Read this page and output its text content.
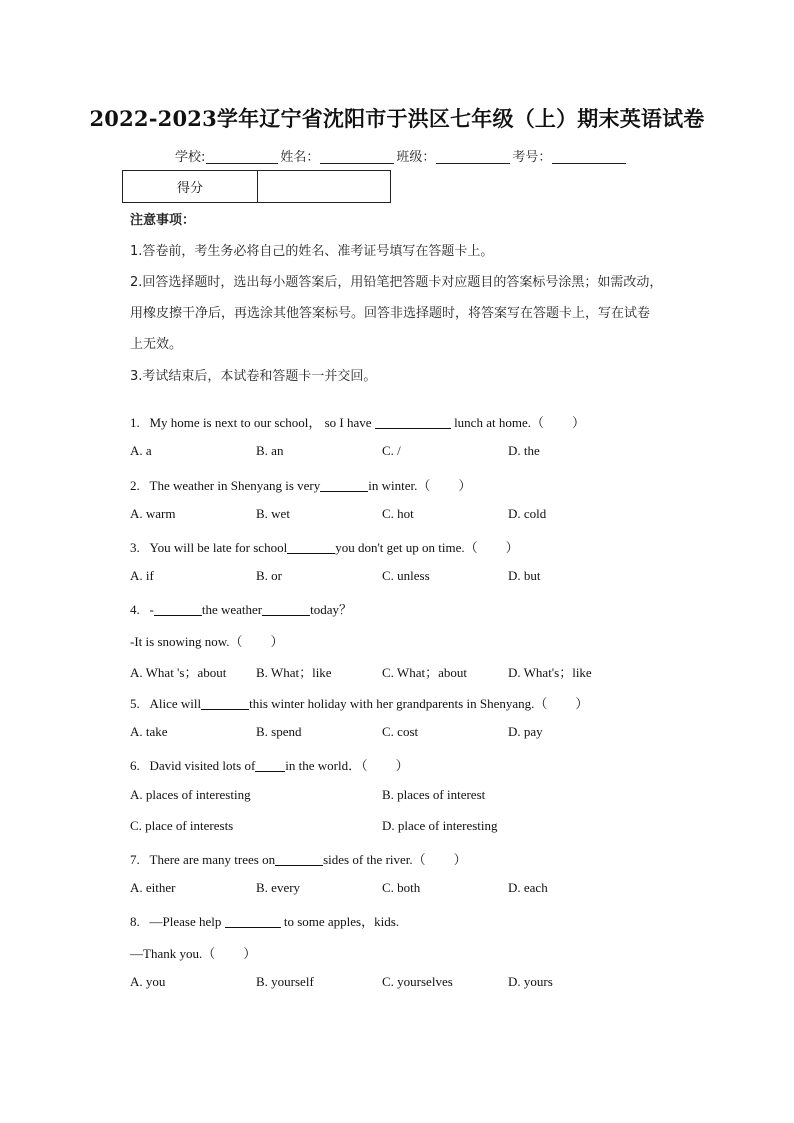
2022-2023学年辽宁省沈阳市于洪区七年级（上）期末英语试卷
学校:	姓名：	班级：	考号：
得分
注意事项：
1.答卷前，考生务必将自己的姓名、准考证号填写在答题卡上。
2.回答选择题时，选出每小题答案后，用铅笔把答题卡对应题目的答案标号涂黑；如需改动，
用橡皮擦干净后，再选涂其他答案标号。回答非选择题时，将答案写在答题卡上，写在试卷
上无效。
3.考试结束后，本试卷和答题卡一并交回。
1. My home is next to our school， so I have	lunch at home.（ ）
A. a	B. an	C. /	D. the
2. The weather in Shenyang is very	in winter.（ ）
A. warm	B. wet	C. hot	D. cold
3. You will be late for school	you don't get up on time.（ ）
A. if	B. or	C. unless	D. but
4. -	the weather	today？
-It is snowing now.（ ）
A. What 's；about B. What；like	C. What；about	D. What's；like
5. Alice will	this winter holiday with her grandparents in Shenyang.（ ）
A. take	B. spend	C. cost	D. pay
6. David visited lots of in the world．（ ）
A. places of interesting	B. places of interest
C. place of interests	D. place of interesting
7. There are many trees on	sides of the river.（ ）
A. either	B. every	C. both	D. each
8. —Please help	to some apples，kids.
—Thank you.（ ）
A. you	B. yourself	C. yourselves	D. yours
